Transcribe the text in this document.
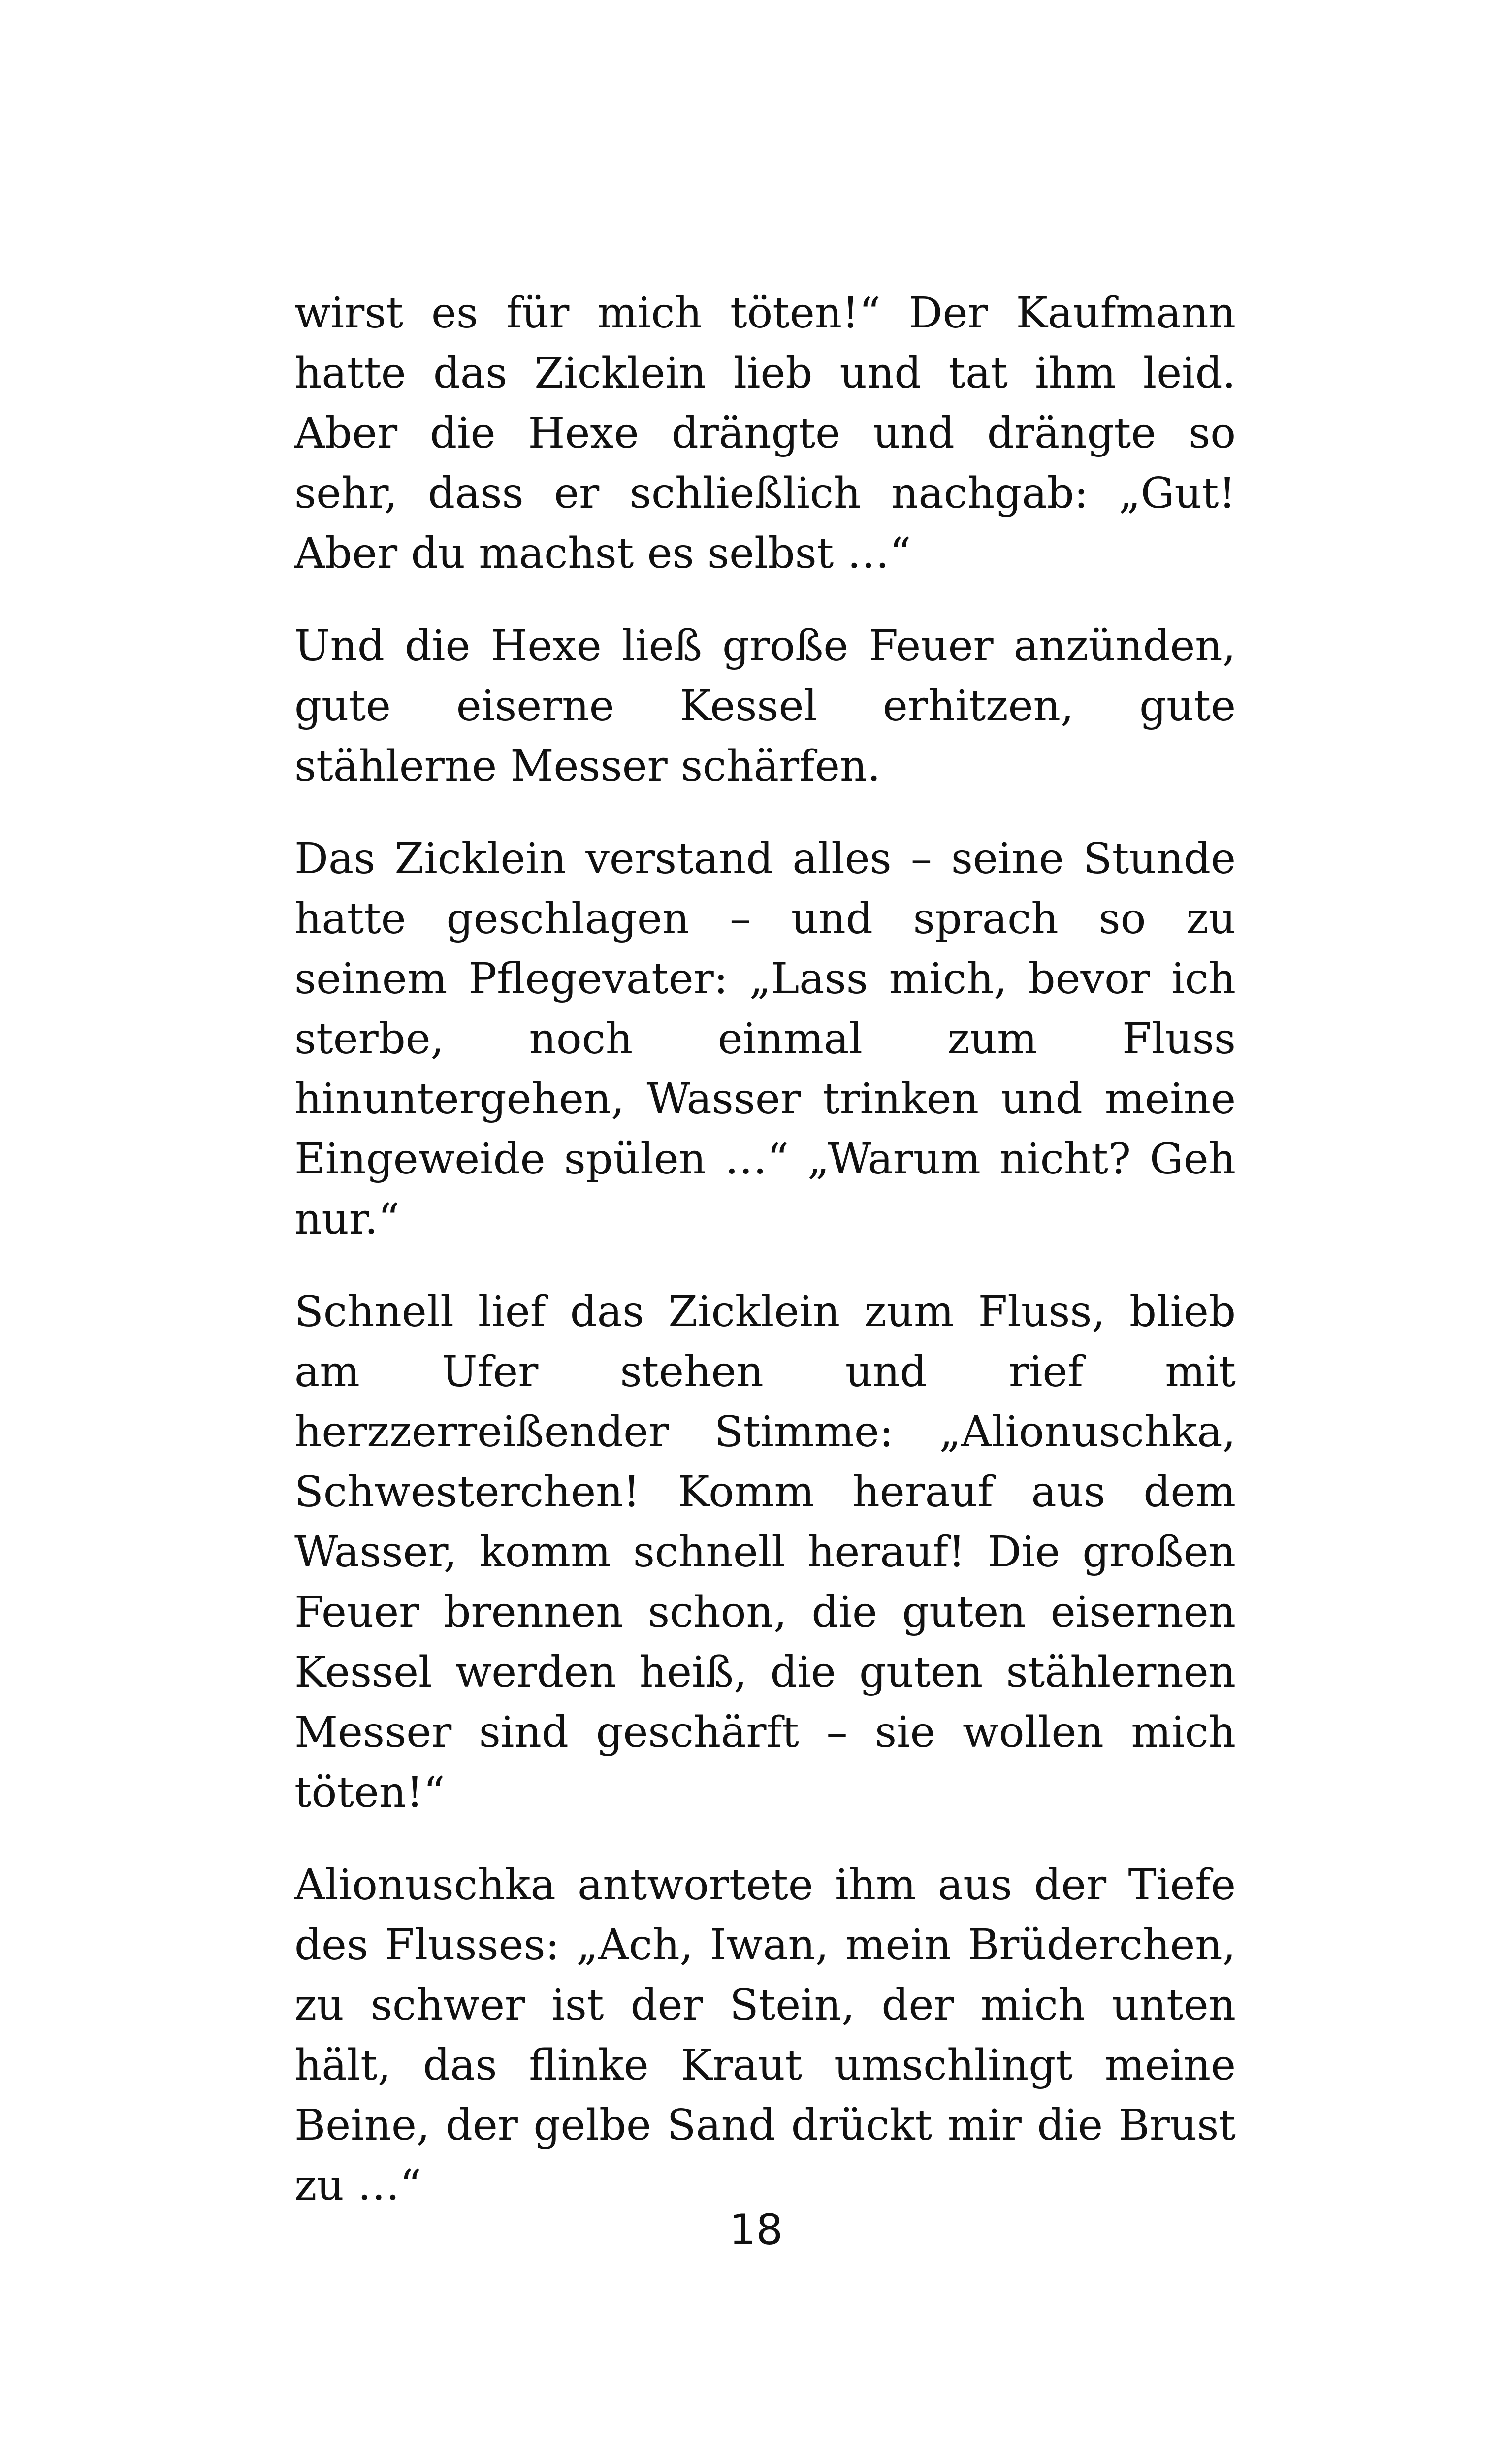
wirst es für mich töten!“ Der Kaufmann hatte das Zicklein lieb und tat ihm leid. Aber die Hexe drängte und drängte so sehr, dass er schließlich nachgab: „Gut! Aber du machst es selbst …“

Und die Hexe ließ große Feuer anzünden, gute eiserne Kessel erhitzen, gute stählerne Messer schärfen.

Das Zicklein verstand alles – seine Stunde hatte geschlagen – und sprach so zu seinem Pflegevater: „Lass mich, bevor ich sterbe, noch einmal zum Fluss hinuntergehen, Wasser trinken und meine Eingeweide spülen …“ „Warum nicht? Geh nur.“

Schnell lief das Zicklein zum Fluss, blieb am Ufer stehen und rief mit herzzerreißender Stimme: „Alionuschka, Schwesterchen! Komm herauf aus dem Wasser, komm schnell herauf! Die großen Feuer brennen schon, die guten eisernen Kessel werden heiß, die guten stählernen Messer sind geschärft – sie wollen mich töten!“

Alionuschka antwortete ihm aus der Tiefe des Flusses: „Ach, Iwan, mein Brüderchen, zu schwer ist der Stein, der mich unten hält, das flinke Kraut umschlingt meine Beine, der gelbe Sand drückt mir die Brust zu …“

18
